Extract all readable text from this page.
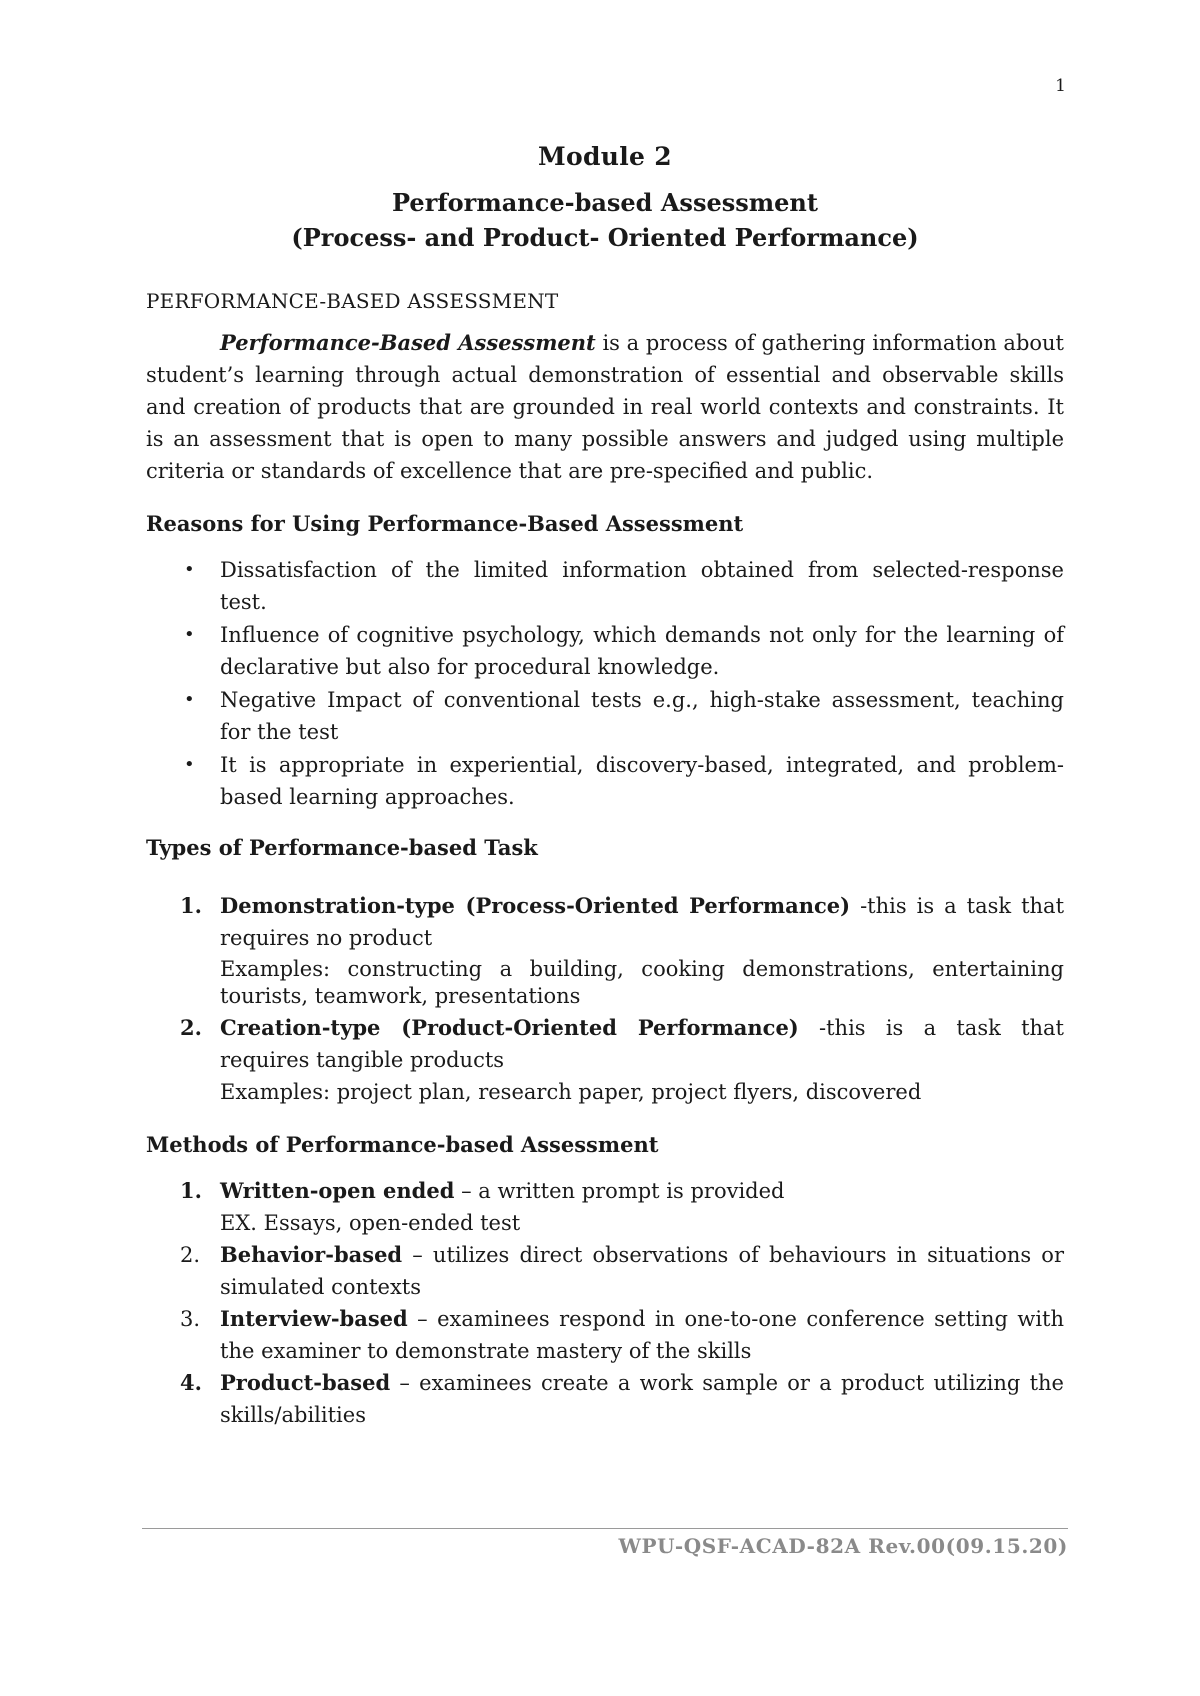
1
Module 2

Performance-based Assessment

(Process- and Product- Oriented Performance)

PERFORMANCE-BASED ASSESSMENT

Performance-Based Assessment is a process of gathering information about student’s learning through actual demonstration of essential and observable skills and creation of products that are grounded in real world contexts and constraints. It is an assessment that is open to many possible answers and judged using multiple criteria or standards of excellence that are pre-specified and public.

Reasons for Using Performance-Based Assessment
• Dissatisfaction of the limited information obtained from selected-response test.
• Influence of cognitive psychology, which demands not only for the learning of declarative but also for procedural knowledge.
• Negative Impact of conventional tests e.g., high-stake assessment, teaching for the test
• It is appropriate in experiential, discovery-based, integrated, and problem-based learning approaches.
Types of Performance-based Task
1. Demonstration-type (Process-Oriented Performance) -this is a task that requires no product
Examples: constructing a building, cooking demonstrations, entertaining tourists, teamwork, presentations
2. Creation-type (Product-Oriented Performance) -this is a task that requires tangible products
Examples: project plan, research paper, project flyers, discovered
Methods of Performance-based Assessment
1. Written-open ended – a written prompt is provided
EX. Essays, open-ended test
2. Behavior-based – utilizes direct observations of behaviours in situations or simulated contexts
3. Interview-based – examinees respond in one-to-one conference setting with the examiner to demonstrate mastery of the skills
4. Product-based – examinees create a work sample or a product utilizing the skills/abilities
WPU-QSF-ACAD-82A Rev.00(09.15.20)
